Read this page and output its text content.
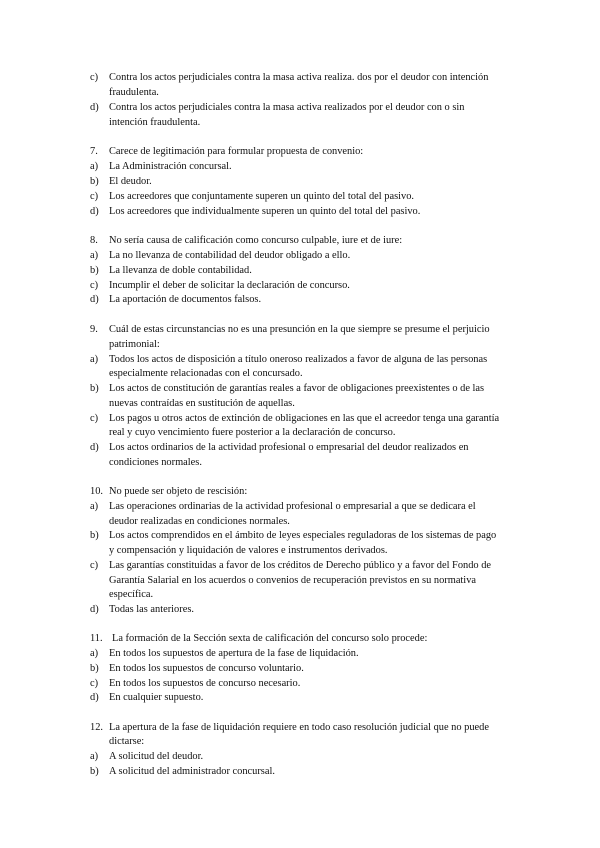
c)	Contra los actos perjudiciales contra la masa activa realiza. dos por el deudor con intención
fraudulenta.
d) Contra los actos perjudiciales contra la masa activa realizados por el deudor con o sin
intención fraudulenta.
7.	Carece de legitimación para formular propuesta de convenio:
a)	La Administración concursal.
b) El deudor.
c)	Los acreedores que conjuntamente superen un quinto del total del pasivo.
d) Los acreedores que individualmente superen un quinto del total del pasivo.
8.	No sería causa de calificación como concurso culpable, iure et de iure:
a)	La no llevanza de contabilidad del deudor obligado a ello.
b) La llevanza de doble contabilidad.
c)	Incumplir el deber de solicitar la declaración de concurso.
d) La aportación de documentos falsos.
9.	Cuál de estas circunstancias no es una presunción en la que siempre se presume el perjuicio
patrimonial:
a)	Todos los actos de disposición a título oneroso realizados a favor de alguna de las personas
especialmente relacionadas con el concursado.
b) Los actos de constitución de garantías reales a favor de obligaciones preexistentes o de las
nuevas contraídas en sustitución de aquellas.
c)	Los pagos u otros actos de extinción de obligaciones en las que el acreedor tenga una garantía
real y cuyo vencimiento fuere posterior a la declaración de concurso.
d) Los actos ordinarios de la actividad profesional o empresarial del deudor realizados en
condiciones normales.
10. No puede ser objeto de rescisión:
a)	Las operaciones ordinarias de la actividad profesional o empresarial a que se dedicara el
deudor realizadas en condiciones normales.
b) Los actos comprendidos en el ámbito de leyes especiales reguladoras de los sistemas de pago
y compensación y liquidación de valores e instrumentos derivados.
c)	Las garantías constituidas a favor de los créditos de Derecho público y a favor del Fondo de
Garantía Salarial en los acuerdos o convenios de recuperación previstos en su normativa
específica.
d) Todas las anteriores.
11. La formación de la Sección sexta de calificación del concurso solo procede:
a)	En todos los supuestos de apertura de la fase de liquidación.
b) En todos los supuestos de concurso voluntario.
c)	En todos los supuestos de concurso necesario.
d) En cualquier supuesto.
12. La apertura de la fase de liquidación requiere en todo caso resolución judicial que no puede
dictarse:
a)	A solicitud del deudor.
b) A solicitud del administrador concursal.
